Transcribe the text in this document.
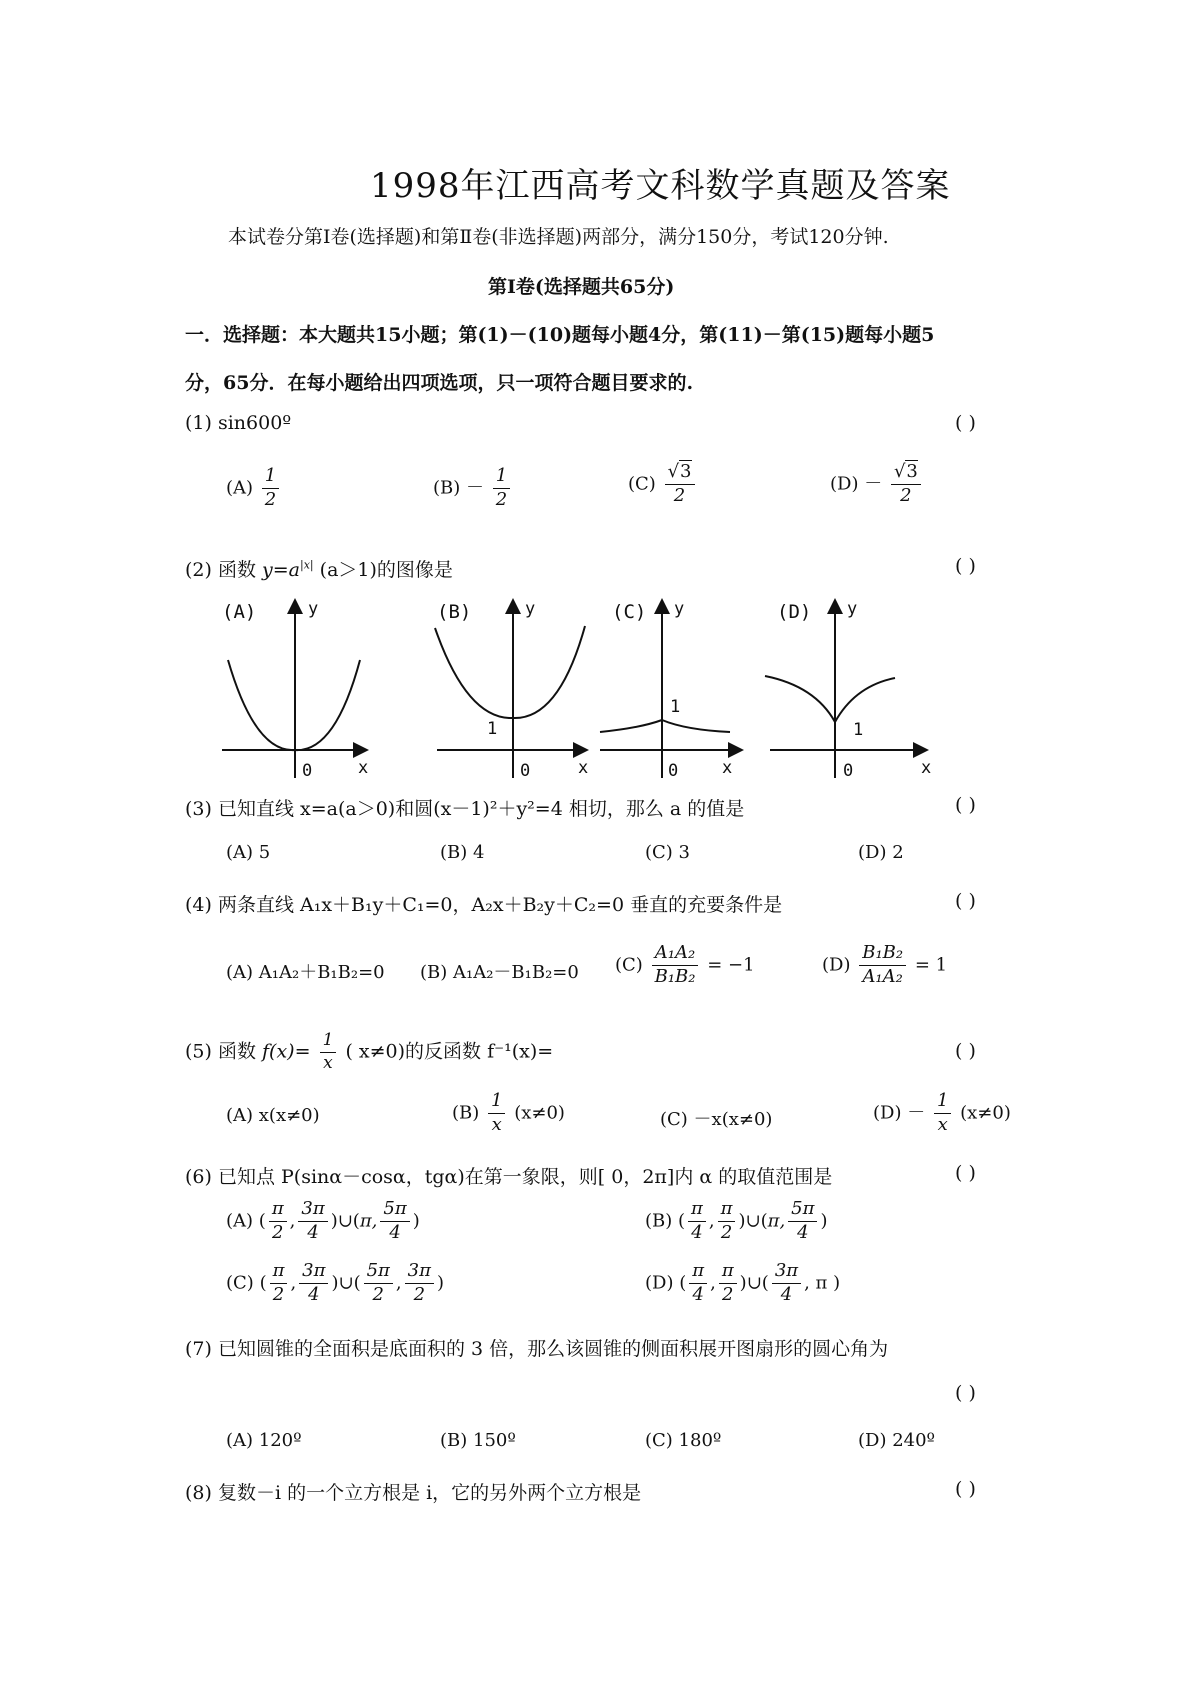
1998年江西高考文科数学真题及答案
本试卷分第Ⅰ卷(选择题)和第Ⅱ卷(非选择题)两部分，满分150分，考试120分钟.
第Ⅰ卷(选择题共65分)
一．选择题：本大题共15小题；第(1)－(10)题每小题4分，第(11)－第(15)题每小题5
分，65分．在每小题给出四项选项，只一项符合题目要求的.
(1) sin600º	( )
$(A) \frac{1}{2}$	$(B) - \frac{1}{2}$	$(C) \frac{√3}{2}$	$(D) - \frac{√3}{2}$
(2) 函数 $y=a^{|x|}$ (a＞1)的图像是	( )
(A)	y
x
0
(B)	y
x
0
1
(C) y
x
0
1
(D) y
x
0
1
(3) 已知直线 x=a(a＞0)和圆(x－1)²＋y²=4 相切，那么 a 的值是	( )
(A) 5	(B) 4	(C) 3	(D) 2
(4) 两条直线 A₁x＋B₁y＋C₁=0，A₂x＋B₂y＋C₂=0 垂直的充要条件是	( )
(A) A₁A₂＋B₁B₂=0 (B) A₁A₂－B₁B₂=0 $(C) \frac{\text{A₁A₂}}{\text{B₁B₂}} = -1$	$(D) \frac{\text{B₁B₂}}{\text{A₁A₂}} = 1$
(5) 函数 $f(x)= \frac{1}{x}$ ( x≠0)的反函数 f⁻¹(x)=	( )
(A) x(x≠0)	$(B) \frac{1}{x} (x\ne 0)$	(C) －x(x≠0)	$(D) - \frac{1}{x} (x\ne 0)$
(6) 已知点 P(sinα－cosα，tgα)在第一象限，则[ 0，2π]内 α 的取值范围是	( )
(A) ( $\frac{\pi}{2}$ , $\frac{3\pi}{4}$ )∪(π, $\frac{5\pi}{4}$ )	(B) ( $\frac{\pi}{4}$ , $\frac{\pi}{2}$ )∪(π, $\frac{5\pi}{4}$ )
(C) ( $\frac{\pi}{2}$ , $\frac{3\pi}{4}$ )∪( $\frac{5\pi}{2}$ , $\frac{3\pi}{2}$ )	(D) ( $\frac{\pi}{4}$ , $\frac{\pi}{2}$ )∪( $\frac{3\pi}{4}$ , π )
(7) 已知圆锥的全面积是底面积的 3 倍，那么该圆锥的侧面积展开图扇形的圆心角为
( )
(A) 120º	(B) 150º	(C) 180º	(D) 240º
(8) 复数－i 的一个立方根是 i，它的另外两个立方根是	( )
